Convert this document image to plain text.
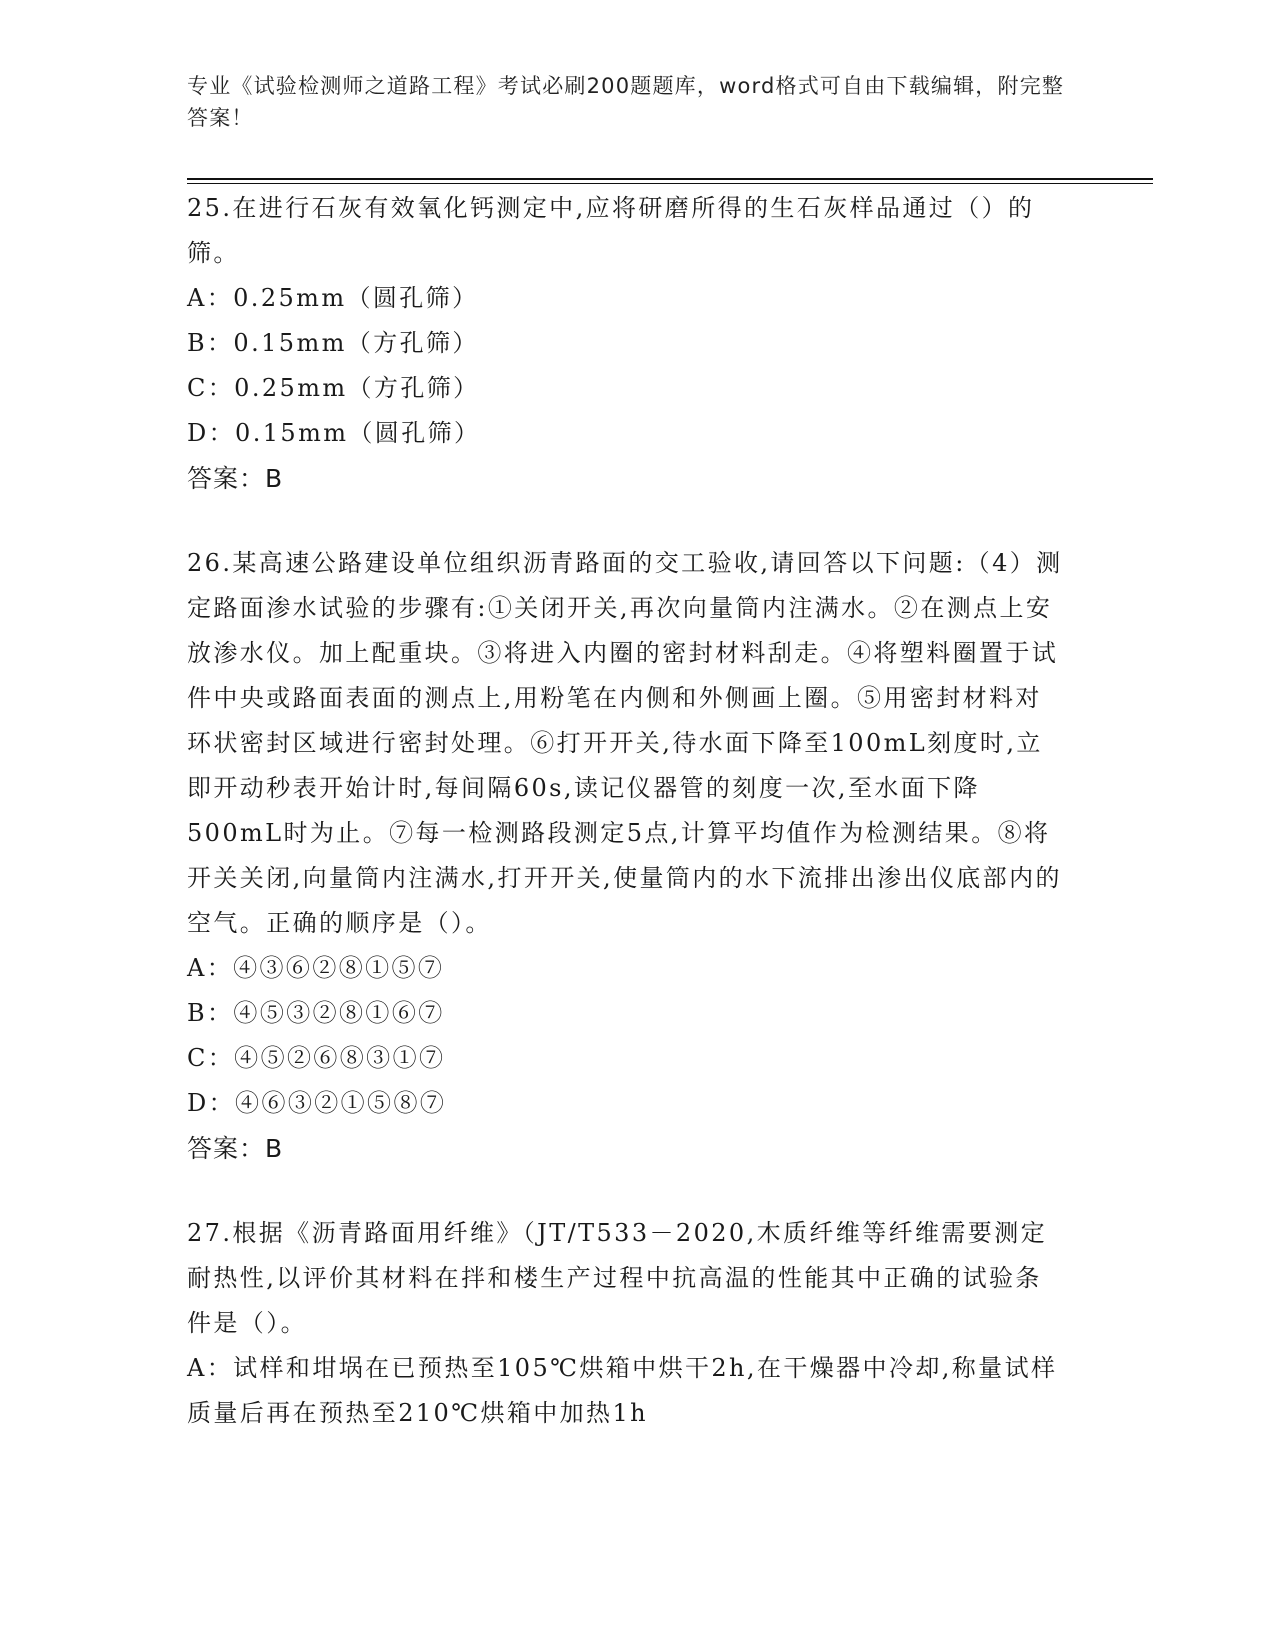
专业《试验检测师之道路工程》考试必刷200题题库，word格式可自由下载编辑，附完整答案！

25.在进行石灰有效氧化钙测定中,应将研磨所得的生石灰样品通过（）的筛。

A：0.25mm（圆孔筛）

B：0.15mm（方孔筛）

C：0.25mm（方孔筛）

D：0.15mm（圆孔筛）

答案：B

26.某高速公路建设单位组织沥青路面的交工验收,请回答以下问题:（4）测定路面渗水试验的步骤有:①关闭开关,再次向量筒内注满水。②在测点上安放渗水仪。加上配重块。③将进入内圈的密封材料刮走。④将塑料圈置于试件中央或路面表面的测点上,用粉笔在内侧和外侧画上圈。⑤用密封材料对环状密封区域进行密封处理。⑥打开开关,待水面下降至100mL刻度时,立即开动秒表开始计时,每间隔60s,读记仪器管的刻度一次,至水面下降500mL时为止。⑦每一检测路段测定5点,计算平均值作为检测结果。⑧将开关关闭,向量筒内注满水,打开开关,使量筒内的水下流排出渗出仪底部内的空气。正确的顺序是（）。

A：④③⑥②⑧①⑤⑦

B：④⑤③②⑧①⑥⑦

C：④⑤②⑥⑧③①⑦

D：④⑥③②①⑤⑧⑦

答案：B

27.根据《沥青路面用纤维》（JT/T533－2020,木质纤维等纤维需要测定耐热性,以评价其材料在拌和楼生产过程中抗高温的性能其中正确的试验条件是（）。

A：试样和坩埚在已预热至105℃烘箱中烘干2h,在干燥器中冷却,称量试样质量后再在预热至210℃烘箱中加热1h
